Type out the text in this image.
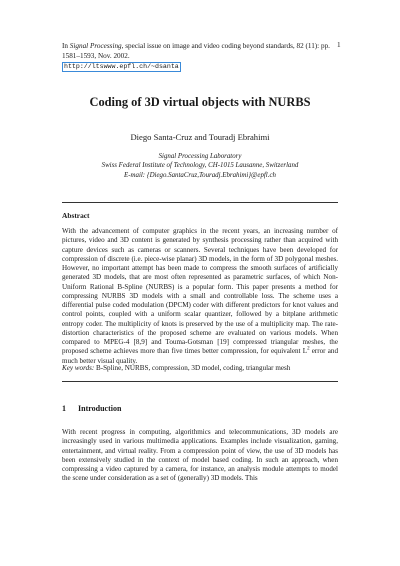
In Signal Processing, special issue on image and video coding beyond standards, 82 (11): pp. 1581–1593, Nov. 2002.
http://ltswww.epfl.ch/~dsanta
1
Coding of 3D virtual objects with NURBS
Diego Santa-Cruz and Touradj Ebrahimi
Signal Processing Laboratory
Swiss Federal Institute of Technology, CH-1015 Lausanne, Switzerland
E-mail: {Diego.SantaCruz,Touradj.Ebrahimi}@epfl.ch
Abstract
With the advancement of computer graphics in the recent years, an increasing number of pictures, video and 3D content is generated by synthesis processing rather than acquired with capture devices such as cameras or scanners. Several techniques have been developed for compression of discrete (i.e. piece-wise planar) 3D models, in the form of 3D polygonal meshes. However, no important attempt has been made to compress the smooth surfaces of artificially generated 3D models, that are most often represented as parametric surfaces, of which Non-Uniform Rational B-Spline (NURBS) is a popular form. This paper presents a method for compressing NURBS 3D models with a small and controllable loss. The scheme uses a differential pulse coded modulation (DPCM) coder with different predictors for knot values and control points, coupled with a uniform scalar quantizer, followed by a bitplane arithmetic entropy coder. The multiplicity of knots is preserved by the use of a multiplicity map. The rate-distortion characteristics of the proposed scheme are evaluated on various models. When compared to MPEG-4 [8,9] and Touma-Gotsman [19] compressed triangular meshes, the proposed scheme achieves more than five times better compression, for equivalent $L^2$ error and much better visual quality.
Key words: B-Spline, NURBS, compression, 3D model, coding, triangular mesh
1 Introduction
With recent progress in computing, algorithmics and telecommunications, 3D models are increasingly used in various multimedia applications. Examples include visualization, gaming, entertainment, and virtual reality. From a compression point of view, the use of 3D models has been extensively studied in the context of model based coding. In such an approach, when compressing a video captured by a camera, for instance, an analysis module attempts to model the scene under consideration as a set of (generally) 3D models. This
